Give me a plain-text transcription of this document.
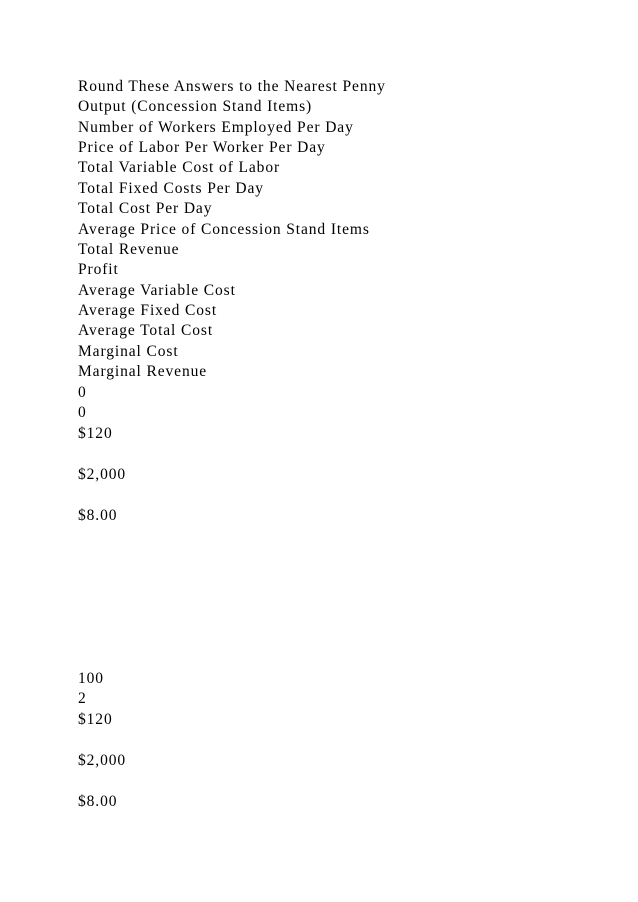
Round These Answers to the Nearest Penny
Output (Concession Stand Items)
Number of Workers Employed Per Day
Price of Labor Per Worker Per Day
Total Variable Cost of Labor
Total Fixed Costs Per Day
Total Cost Per Day
Average Price of Concession Stand Items
Total Revenue
Profit
Average Variable Cost
Average Fixed Cost
Average Total Cost
Marginal Cost
Marginal Revenue
0
0
$120
$2,000
$8.00
100
2
$120
$2,000
$8.00
